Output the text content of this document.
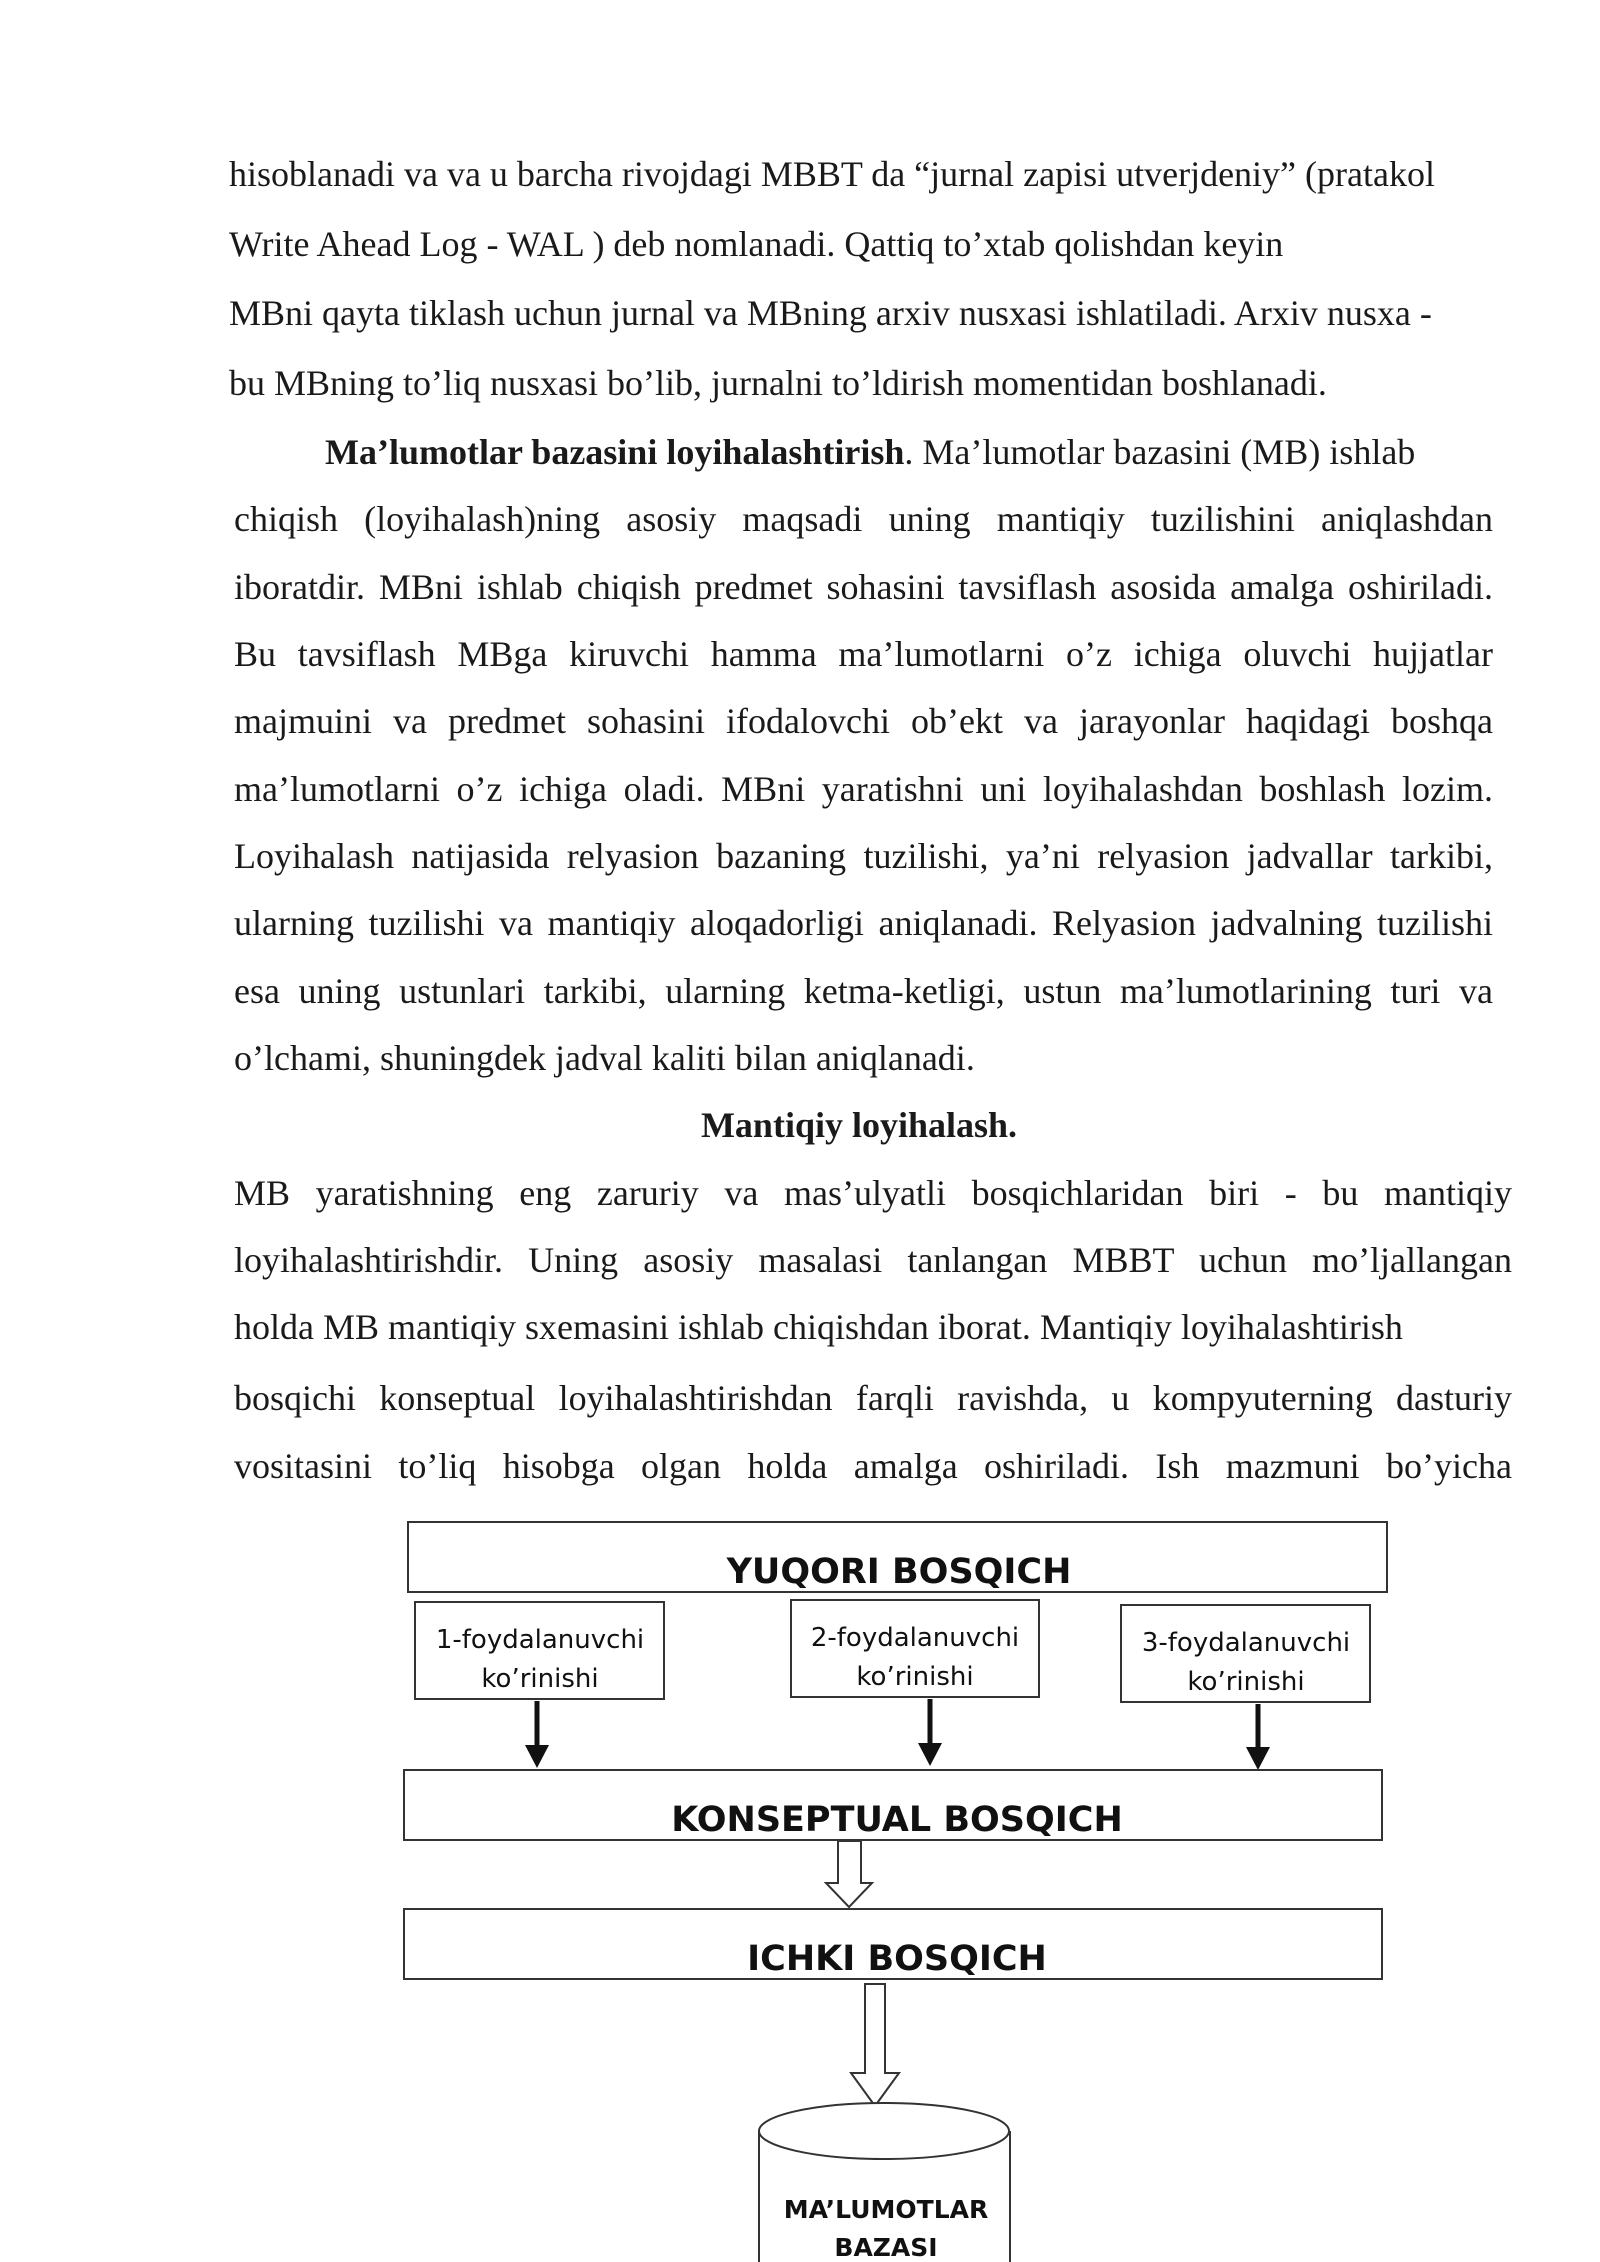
hisoblanadi va va u barcha rivojdagi MBBT da “jurnal zapisi utverjdeniy” (pratakol
Write Ahead Log - WAL ) deb nomlanadi. Qattiq to’xtab qolishdan keyin
MBni qayta tiklash uchun jurnal va MBning arxiv nusxasi ishlatiladi. Arxiv nusxa -
bu MBning to’liq nusxasi bo’lib, jurnalni to’ldirish momentidan boshlanadi.
Ma’lumotlar bazasini loyihalashtirish. Ma’lumotlar bazasini (MB) ishlab
chiqish (loyihalash)ning asosiy maqsadi uning mantiqiy tuzilishini aniqlashdan
iboratdir. MBni ishlab chiqish predmet sohasini tavsiflash asosida amalga oshiriladi.
Bu tavsiflash MBga kiruvchi hamma ma’lumotlarni o’z ichiga oluvchi hujjatlar
majmuini va predmet sohasini ifodalovchi ob’ekt va jarayonlar haqidagi boshqa
ma’lumotlarni o’z ichiga oladi. MBni yaratishni uni loyihalashdan boshlash lozim.
Loyihalash natijasida relyasion bazaning tuzilishi, ya’ni relyasion jadvallar tarkibi,
ularning tuzilishi va mantiqiy aloqadorligi aniqlanadi. Relyasion jadvalning tuzilishi
esa uning ustunlari tarkibi, ularning ketma-ketligi, ustun ma’lumotlarining turi va
o’lchami, shuningdek jadval kaliti bilan aniqlanadi.
Mantiqiy loyihalash.
MB yaratishning eng zaruriy va mas’ulyatli bosqichlaridan biri - bu mantiqiy
loyihalashtirishdir. Uning asosiy masalasi tanlangan MBBT uchun mo’ljallangan
holda MB mantiqiy sxemasini ishlab chiqishdan iborat. Mantiqiy loyihalashtirish
bosqichi konseptual loyihalashtirishdan farqli ravishda, u kompyuterning dasturiy
vositasini to’liq hisobga olgan holda amalga oshiriladi. Ish mazmuni bo’yicha
YUQORI BOSQICH
1-foydalanuvchi
ko’rinishi
2-foydalanuvchi
ko’rinishi
3-foydalanuvchi
ko’rinishi
KONSEPTUAL BOSQICH
ICHKI BOSQICH
MA’LUMOTLAR
BAZASI
